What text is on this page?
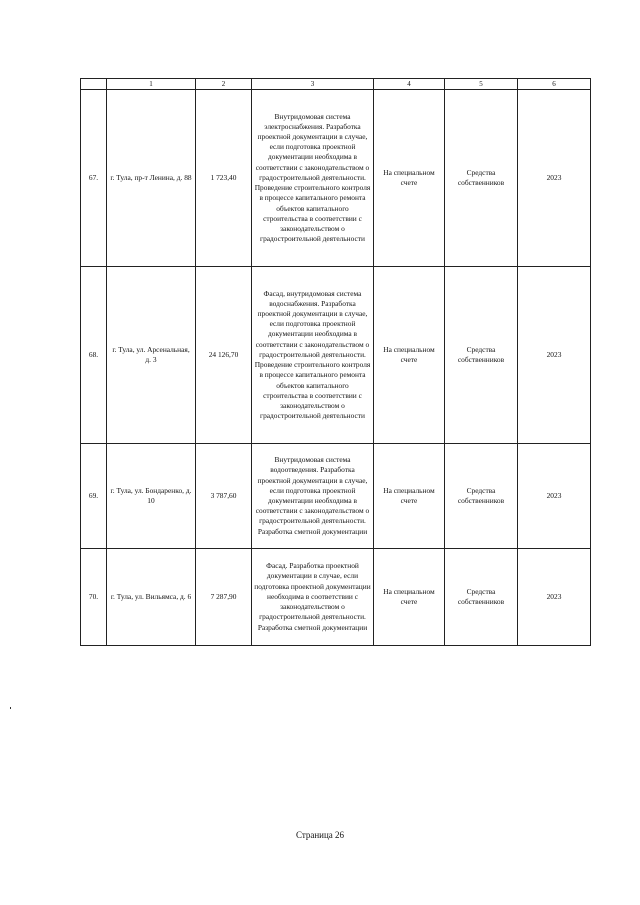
	1	2	3	4	5	6
67.	г. Тула, пр-т Ленина, д. 88	1 723,40	Внутридомовая система электроснабжения. Разработка проектной документации в случае, если подготовка проектной документации необходима в соответствии с законодательством о градостроительной деятельности. Проведение строительного контроля в процессе капитального ремонта объектов капитального строительства в соответствии с законодательством о градостроительной деятельности	На специальном счете	Средства собственников	2023
68.	г. Тула, ул. Арсенальная, д. 3	24 126,70	Фасад, внутридомовая система водоснабжения. Разработка проектной документации в случае, если подготовка проектной документации необходима в соответствии с законодательством о градостроительной деятельности. Проведение строительного контроля в процессе капитального ремонта объектов капитального строительства в соответствии с законодательством о градостроительной деятельности	На специальном счете	Средства собственников	2023
69.	г. Тула, ул. Бондаренко, д. 10	3 787,60	Внутридомовая система водоотведения. Разработка проектной документации в случае, если подготовка проектной документации необходима в соответствии с законодательством о градостроительной деятельности. Разработка сметной документации	На специальном счете	Средства собственников	2023
70.	г. Тула, ул. Вильямса, д. 6	7 287,90	Фасад. Разработка проектной документации в случае, если подготовка проектной документации необходима в соответствии с законодательством о градостроительной деятельности. Разработка сметной документации	На специальном счете	Средства собственников	2023
Страница 26
